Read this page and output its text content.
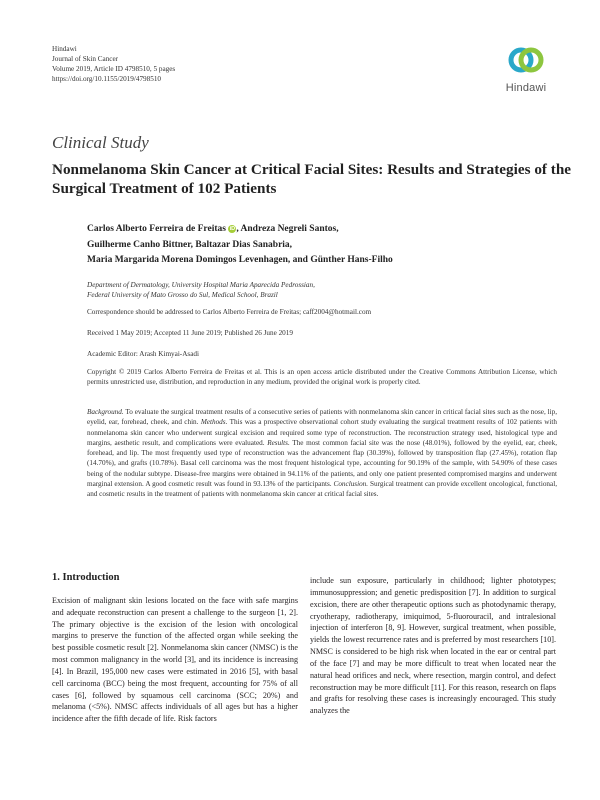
Hindawi
Journal of Skin Cancer
Volume 2019, Article ID 4798510, 5 pages
https://doi.org/10.1155/2019/4798510
Hindawi
Clinical Study
Nonmelanoma Skin Cancer at Critical Facial Sites: Results and Strategies of the Surgical Treatment of 102 Patients
Carlos Alberto Ferreira de Freitas iD, Andreza Negreli Santos,
Guilherme Canho Bittner, Baltazar Dias Sanabria,
Maria Margarida Morena Domingos Levenhagen, and Günther Hans-Filho
Department of Dermatology, University Hospital Maria Aparecida Pedrossian,
Federal University of Mato Grosso do Sul, Medical School, Brazil
Correspondence should be addressed to Carlos Alberto Ferreira de Freitas; caff2004@hotmail.com
Received 1 May 2019; Accepted 11 June 2019; Published 26 June 2019
Academic Editor: Arash Kimyai-Asadi
Copyright © 2019 Carlos Alberto Ferreira de Freitas et al. This is an open access article distributed under the Creative Commons Attribution License, which permits unrestricted use, distribution, and reproduction in any medium, provided the original work is properly cited.
Background. To evaluate the surgical treatment results of a consecutive series of patients with nonmelanoma skin cancer in critical facial sites such as the nose, lip, eyelid, ear, forehead, cheek, and chin. Methods. This was a prospective observational cohort study evaluating the surgical treatment results of 102 patients with nonmelanoma skin cancer who underwent surgical excision and required some type of reconstruction. The reconstruction strategy used, histological type and margins, aesthetic result, and complications were evaluated. Results. The most common facial site was the nose (48.01%), followed by the eyelid, ear, cheek, forehead, and lip. The most frequently used type of reconstruction was the advancement flap (30.39%), followed by transposition flap (27.45%), rotation flap (14.70%), and grafts (10.78%). Basal cell carcinoma was the most frequent histological type, accounting for 90.19% of the sample, with 54.90% of these cases being of the nodular subtype. Disease-free margins were obtained in 94.11% of the patients, and only one patient presented compromised margins and underwent marginal extension. A good cosmetic result was found in 93.13% of the participants. Conclusion. Surgical treatment can provide excellent oncological, functional, and cosmetic results in the treatment of patients with nonmelanoma skin cancer at critical facial sites.
1. Introduction

Excision of malignant skin lesions located on the face with safe margins and adequate reconstruction can present a challenge to the surgeon [1, 2]. The primary objective is the excision of the lesion with oncological margins to preserve the function of the affected organ while seeking the best possible cosmetic result [2]. Nonmelanoma skin cancer (NMSC) is the most common malignancy in the world [3], and its incidence is increasing [4]. In Brazil, 195,000 new cases were estimated in 2016 [5], with basal cell carcinoma (BCC) being the most frequent, accounting for 75% of all cases [6], followed by squamous cell carcinoma (SCC; 20%) and melanoma (<5%). NMSC affects individuals of all ages but has a higher incidence after the fifth decade of life. Risk factors

include sun exposure, particularly in childhood; lighter phototypes; immunosuppression; and genetic predisposition [7]. In addition to surgical excision, there are other therapeutic options such as photodynamic therapy, cryotherapy, radiotherapy, imiquimod, 5-fluorouracil, and intralesional injection of interferon [8, 9]. However, surgical treatment, when possible, yields the lowest recurrence rates and is preferred by most researchers [10]. NMSC is considered to be high risk when located in the ear or central part of the face [7] and may be more difficult to treat when located near the natural head orifices and neck, where resection, margin control, and defect reconstruction may be more difficult [11]. For this reason, research on flaps and grafts for resolving these cases is increasingly encouraged. This study analyzes the
